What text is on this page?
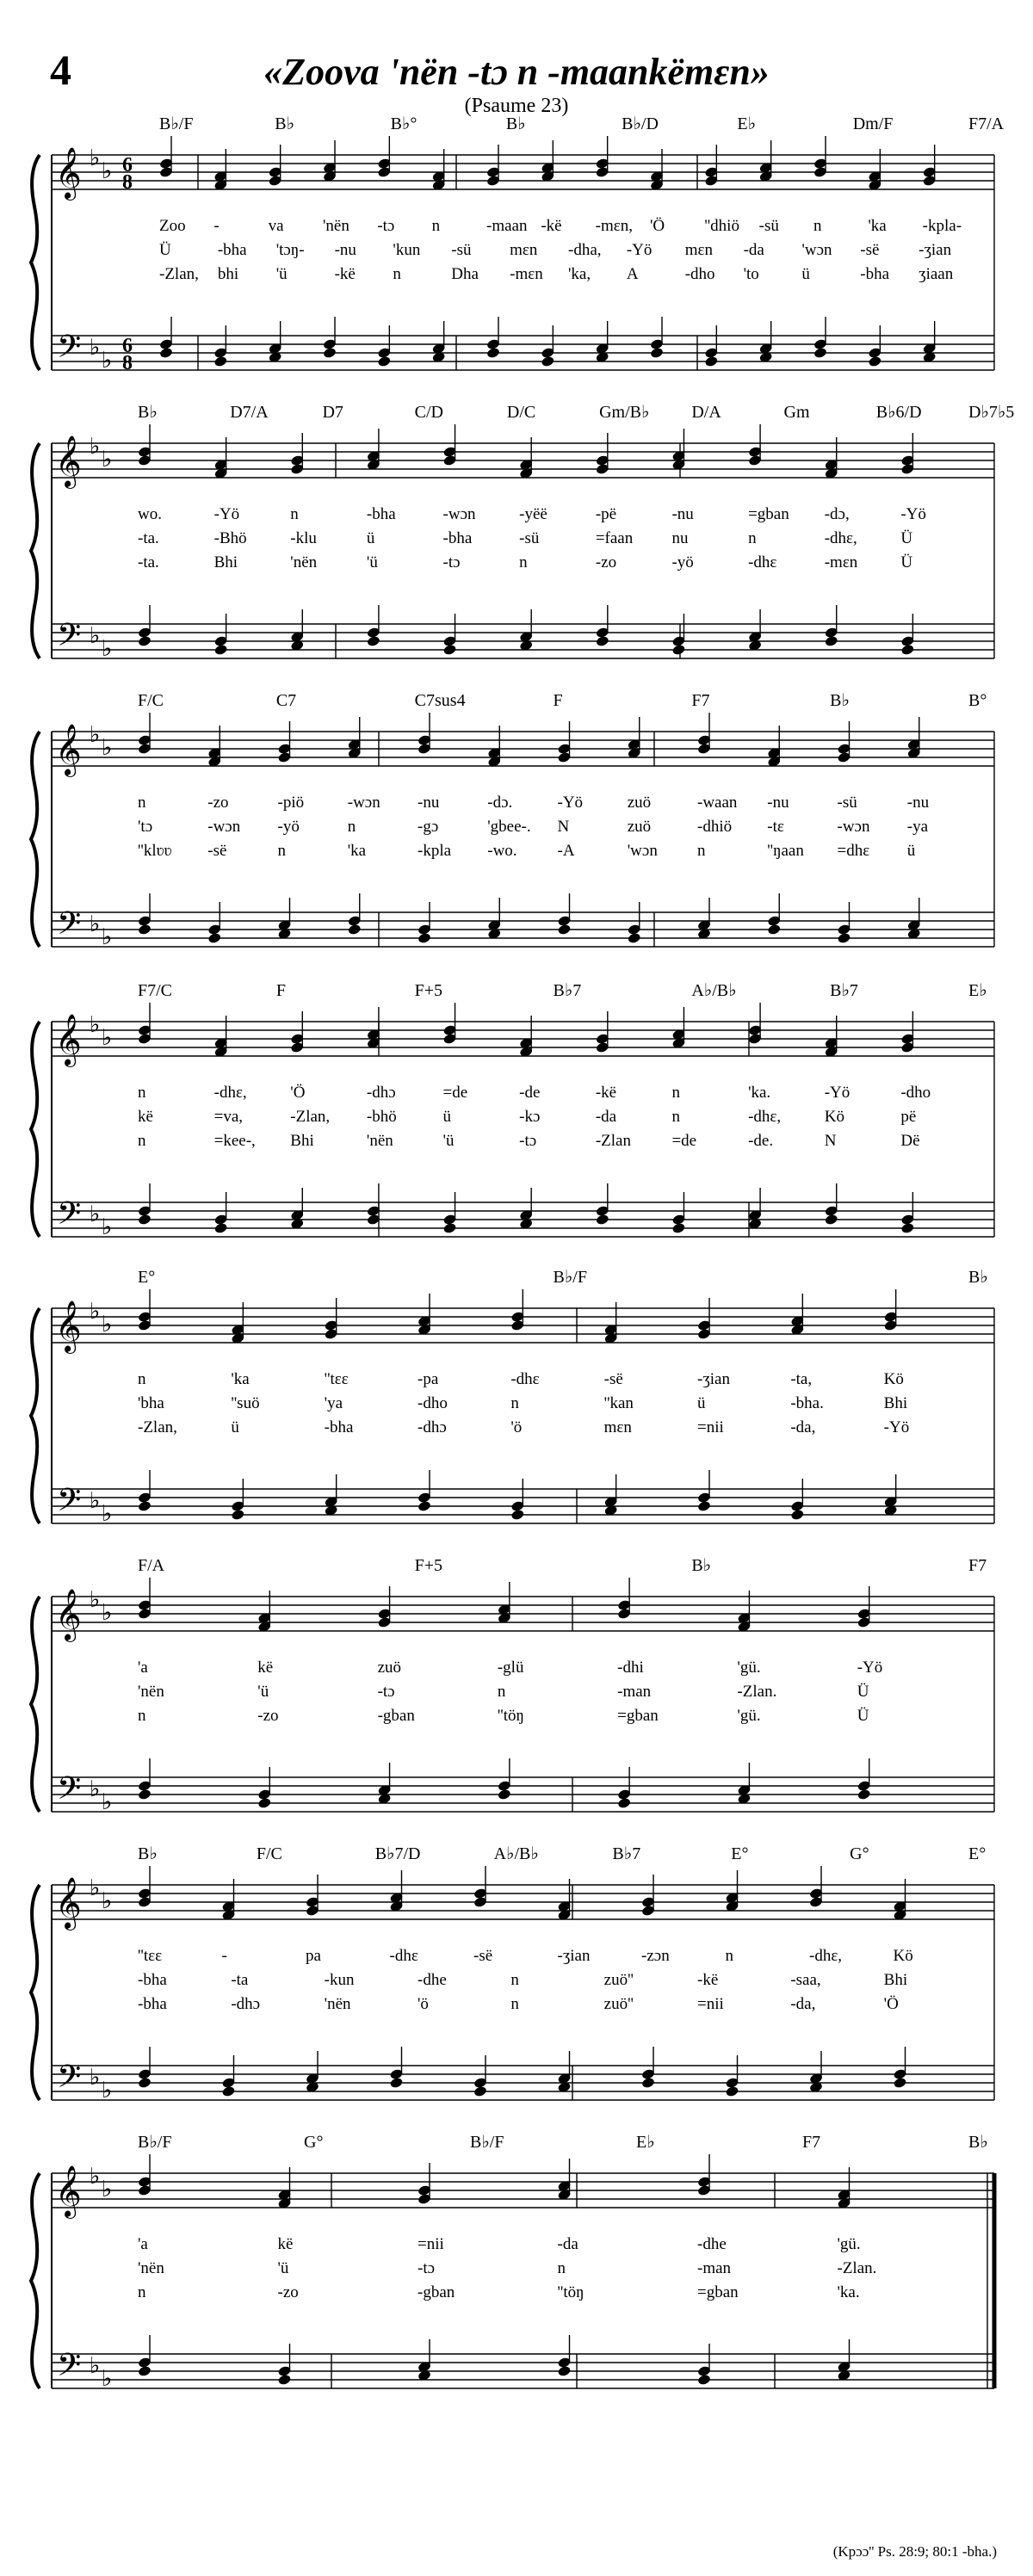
4	«Zoova 'nën -tɔ n -maankëmɛn»
(Psaume 23)
𝄞
𝄢
♭
♭
♭
♭
6
8
6
8
B♭/F	B♭	B♭°	B♭	B♭/D	E♭	Dm/F	F7/A
Zoo -	va 'nën -tɔ n	-maan -kë -mɛn, 'Ö ''dhiö -sü n	'ka -kpla-
Ü	-bha 'tɔŋ- -nu 'kun -sü mɛn -dha, -Yö mɛn -da 'wɔn -së -ʒian
-Zlan, bhi 'ü	-kë n	Dha -mɛn 'ka, A	-dho 'to	ü	-bha ʒiaan
𝄞
𝄢
♭
♭
♭
♭
B♭	D7/A	D7	C/D	D/C	Gm/B♭ D/A	Gm	B♭6/D	D♭7♭5
wo.	-Yö	n	-bha	-wɔn	-yëë	-pë	-nu	=gban -dɔ,	-Yö
-ta.	-Bhö	-klu	ü	-bha	-sü	=faan nu	n	-dhɛ,	Ü
-ta.	Bhi	'nën	'ü	-tɔ	n	-zo	-yö	-dhɛ	-mɛn	Ü
𝄞
𝄢
♭
♭
♭
♭
F/C	C7	C7sus4	F	F7	B♭	B°
n	-zo	-piö	-wɔn -nu	-dɔ.	-Yö	zuö	-waan -nu	-sü	-nu
'tɔ	-wɔn -yö	n	-gɔ	'gbee-. N	zuö	-dhiö -tɛ	-wɔn -ya
''klʋʋ -së	n	'ka	-kpla -wo. -A	'wɔn n	''ŋaan =dhɛ ü
𝄞
𝄢
♭
♭
♭
♭
F7/C	F	F+5	B♭7	A♭/B♭	B♭7	E♭
n	-dhɛ,	'Ö	-dhɔ	=de	-de	-kë	n	'ka.	-Yö	-dho
kë	=va,	-Zlan, -bhö	ü	-kɔ	-da	n	-dhɛ,	Kö	pë
n	=kee-, Bhi	'nën	'ü	-tɔ	-Zlan =de	-de.	N	Dë
𝄞
𝄢
♭
♭
♭
♭
E°	B♭/F	B♭
n	'ka	''tɛɛ	-pa	-dhɛ	-së	-ʒian	-ta,	Kö
'bha	''suö	'ya	-dho	n	''kan	ü	-bha.	Bhi
-Zlan,	ü	-bha	-dhɔ	'ö	mɛn	=nii	-da,	-Yö
𝄞
𝄢
♭
♭
♭
♭
F/A	F+5	B♭	F7
'a	kë	zuö	-glü	-dhi	'gü.	-Yö
'nën	'ü	-tɔ	n	-man	-Zlan.	Ü
n	-zo	-gban	''töŋ	=gban	'gü.	Ü
𝄞
𝄢
♭
♭
♭
♭
B♭	F/C	B♭7/D	A♭/B♭	B♭7	E°	G°	E°
''tɛɛ	-	pa	-dhɛ	-së	-ʒian	-zɔn	n	-dhɛ,	Kö
-bha	-ta	-kun	-dhe	n	zuö''	-kë	-saa,	Bhi
-bha	-dhɔ	'nën	'ö	n	zuö''	=nii	-da,	'Ö
𝄞
𝄢
♭
♭
♭
♭
B♭/F	G°	B♭/F	E♭	F7	B♭
'a	kë	=nii	-da	-dhe	'gü.
'nën	'ü	-tɔ	n	-man	-Zlan.
n	-zo	-gban	''töŋ	=gban	'ka.
(Kpɔɔ'' Ps. 28:9; 80:1 -bha.)
